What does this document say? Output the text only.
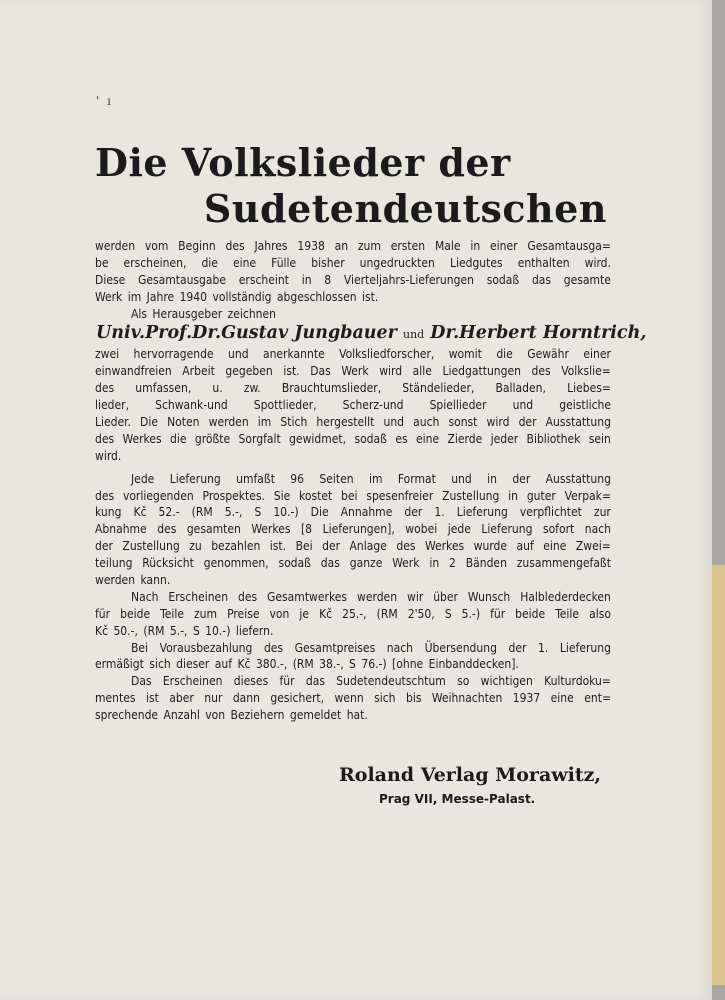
' ı
Die Volkslieder der
Sudetendeutschen
werden vom Beginn des Jahres 1938 an zum ersten Male in einer Gesamtausga=
be erscheinen, die eine Fülle bisher ungedruckten Liedgutes enthalten wird.
Diese Gesamtausgabe erscheint in 8 Vierteljahrs-Lieferungen sodaß das gesamte
Werk im Jahre 1940 vollständig abgeschlossen ist.
Als Herausgeber zeichnen
Univ.Prof.Dr.Gustav Jungbauer und Dr.Herbert Horntrich,
zwei hervorragende und anerkannte Volksliedforscher, womit die Gewähr einer
einwandfreien Arbeit gegeben ist. Das Werk wird alle Liedgattungen des Volkslie=
des umfassen, u. zw. Brauchtumslieder, Ständelieder, Balladen, Liebes=
lieder, Schwank-und Spottlieder, Scherz-und Spiellieder und geistliche
Lieder. Die Noten werden im Stich hergestellt und auch sonst wird der Ausstattung
des Werkes die größte Sorgfalt gewidmet, sodaß es eine Zierde jeder Bibliothek sein
wird.
Jede Lieferung umfaßt 96 Seiten im Format und in der Ausstattung
des vorliegenden Prospektes. Sie kostet bei spesenfreier Zustellung in guter Verpak=
kung Kč 52.- (RM 5.-, S 10.-) Die Annahme der 1. Lieferung verpflichtet zur
Abnahme des gesamten Werkes [8 Lieferungen], wobei jede Lieferung sofort nach
der Zustellung zu bezahlen ist. Bei der Anlage des Werkes wurde auf eine Zwei=
teilung Rücksicht genommen, sodaß das ganze Werk in 2 Bänden zusammengefaßt
werden kann.
Nach Erscheinen des Gesamtwerkes werden wir über Wunsch Halblederdecken
für beide Teile zum Preise von je Kč 25.-, (RM 2'50, S 5.-) für beide Teile also
Kč 50.-, (RM 5.-, S 10.-) liefern.
Bei Vorausbezahlung des Gesamtpreises nach Übersendung der 1. Lieferung
ermäßigt sich dieser auf Kč 380.-, (RM 38.-, S 76.-) [ohne Einbanddecken].
Das Erscheinen dieses für das Sudetendeutschtum so wichtigen Kulturdoku=
mentes ist aber nur dann gesichert, wenn sich bis Weihnachten 1937 eine ent=
sprechende Anzahl von Beziehern gemeldet hat.
Roland Verlag Morawitz,
Prag VII, Messe-Palast.
